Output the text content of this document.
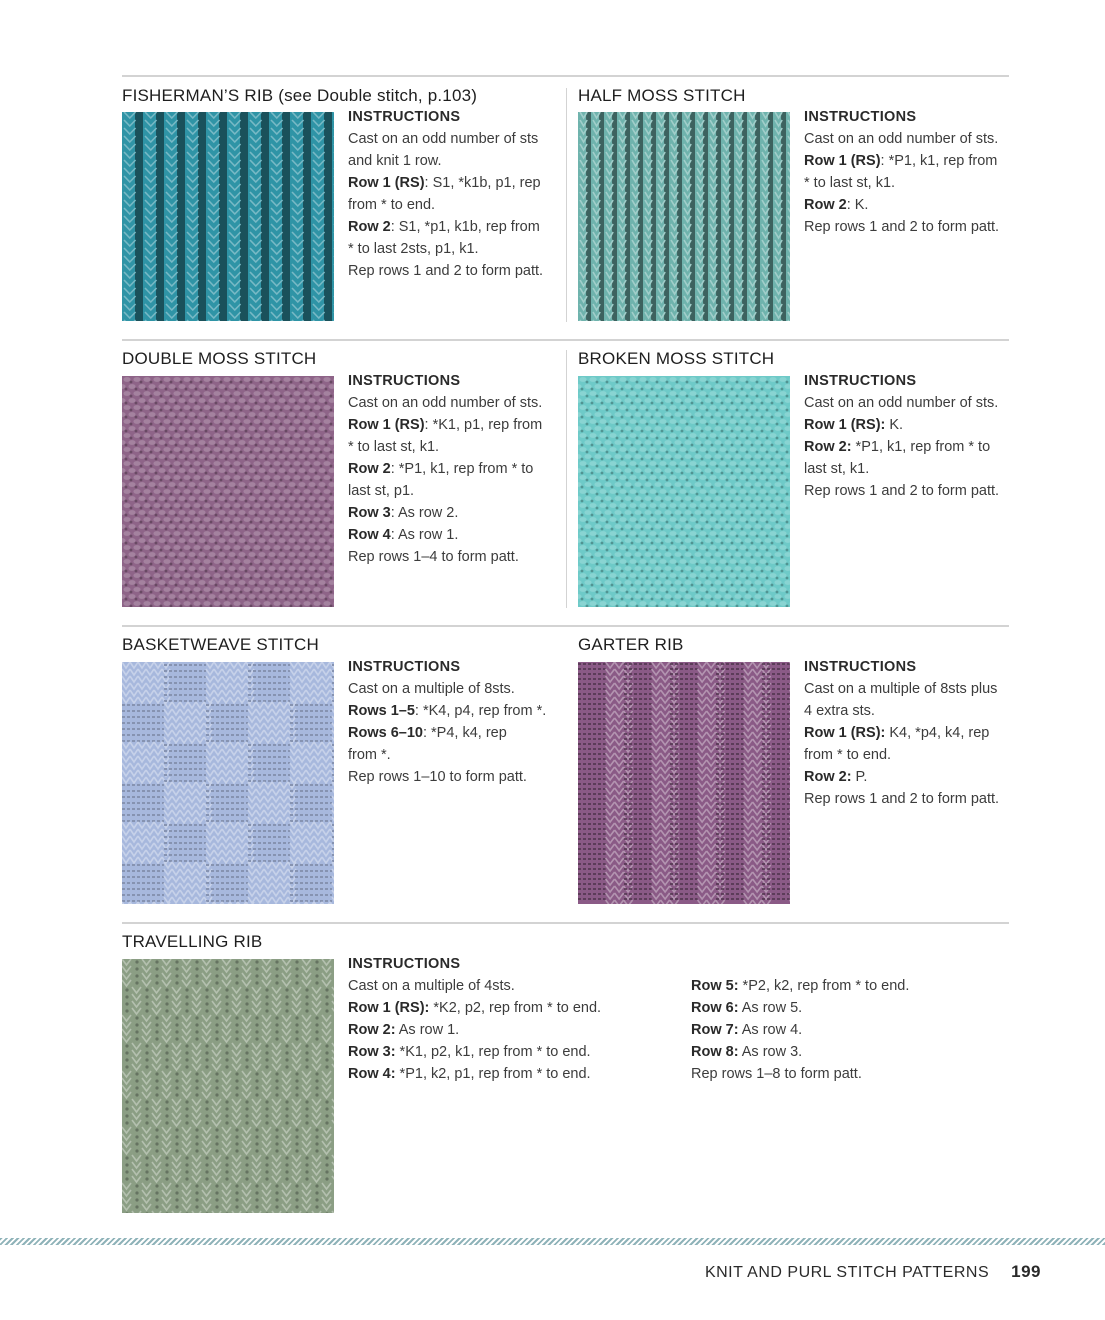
FISHERMAN’S RIB (see Double stitch, p.103)
INSTRUCTIONS
Cast on an odd number of sts
and knit 1 row.
Row 1 (RS): S1, *k1b, p1, rep
from * to end.
Row 2: S1, *p1, k1b, rep from
* to last 2sts, p1, k1.
Rep rows 1 and 2 to form patt.
HALF MOSS STITCH
INSTRUCTIONS
Cast on an odd number of sts.
Row 1 (RS): *P1, k1, rep from
* to last st, k1.
Row 2: K.
Rep rows 1 and 2 to form patt.
DOUBLE MOSS STITCH
INSTRUCTIONS
Cast on an odd number of sts.
Row 1 (RS): *K1, p1, rep from
* to last st, k1.
Row 2: *P1, k1, rep from * to
last st, p1.
Row 3: As row 2.
Row 4: As row 1.
Rep rows 1–4 to form patt.
BROKEN MOSS STITCH
INSTRUCTIONS
Cast on an odd number of sts.
Row 1 (RS): K.
Row 2: *P1, k1, rep from * to
last st, k1.
Rep rows 1 and 2 to form patt.
BASKETWEAVE STITCH
INSTRUCTIONS
Cast on a multiple of 8sts.
Rows 1–5: *K4, p4, rep from *.
Rows 6–10: *P4, k4, rep
from *.
Rep rows 1–10 to form patt.
GARTER RIB
INSTRUCTIONS
Cast on a multiple of 8sts plus
4 extra sts.
Row 1 (RS): K4, *p4, k4, rep
from * to end.
Row 2: P.
Rep rows 1 and 2 to form patt.
TRAVELLING RIB
INSTRUCTIONS
Cast on a multiple of 4sts.
Row 1 (RS): *K2, p2, rep from * to end.
Row 2: As row 1.
Row 3: *K1, p2, k1, rep from * to end.
Row 4: *P1, k2, p1, rep from * to end.
Row 5: *P2, k2, rep from * to end.
Row 6: As row 5.
Row 7: As row 4.
Row 8: As row 3.
Rep rows 1–8 to form patt.
KNIT AND PURL STITCH PATTERNS 199
